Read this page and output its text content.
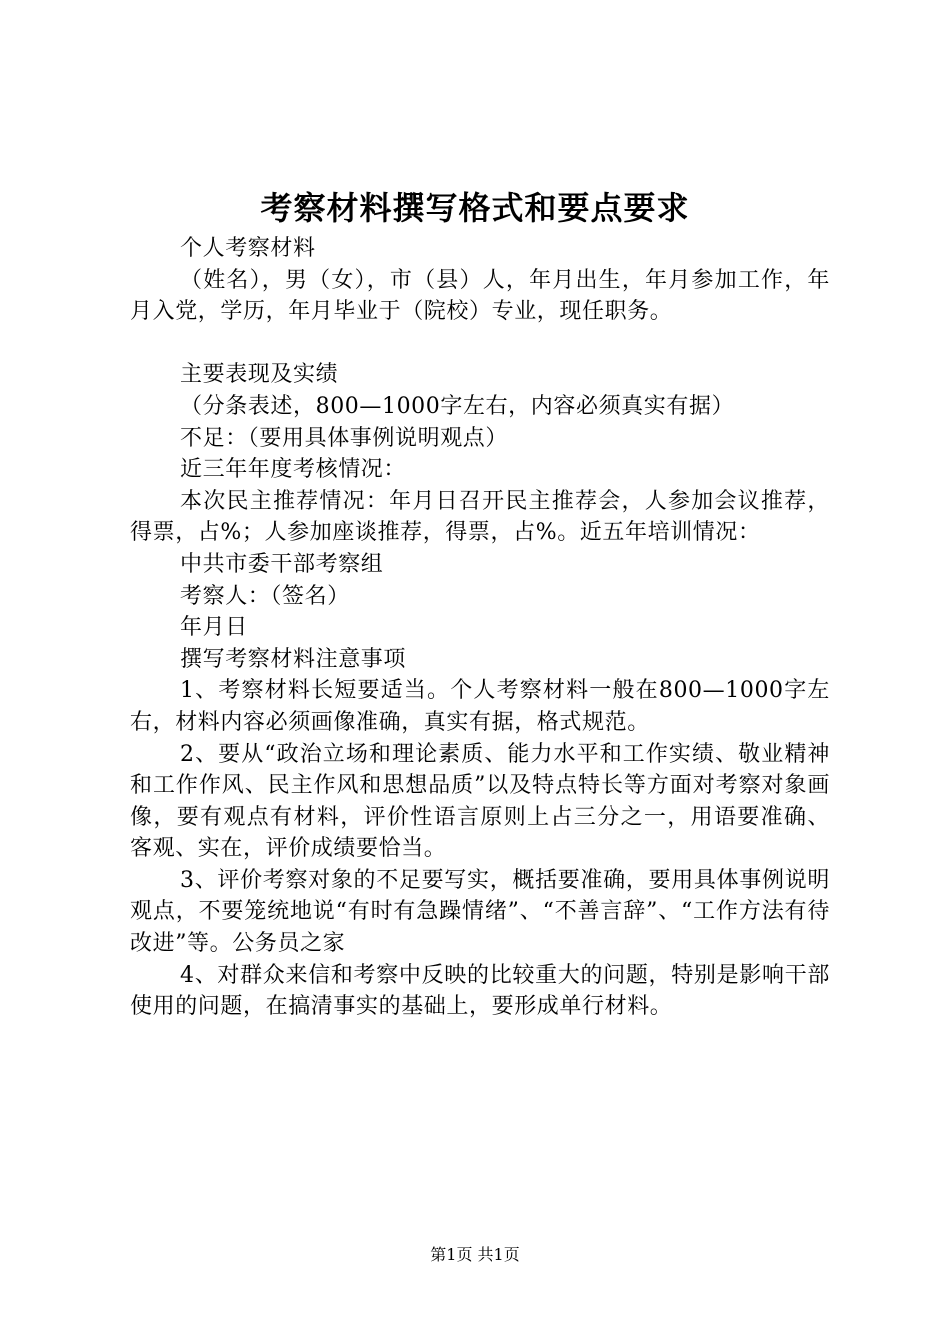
考察材料撰写格式和要点要求

个人考察材料

（姓名），男（女），市（县）人，年月出生，年月参加工作，年月入党，学历，年月毕业于（院校）专业，现任职务。

主要表现及实绩

（分条表述，800—1000字左右，内容必须真实有据）

不足：（要用具体事例说明观点）

近三年年度考核情况：

本次民主推荐情况：年月日召开民主推荐会，人参加会议推荐，得票，占%；人参加座谈推荐，得票，占%。近五年培训情况：

中共市委干部考察组

考察人：（签名）

年月日

撰写考察材料注意事项

1、考察材料长短要适当。个人考察材料一般在800—1000字左右，材料内容必须画像准确，真实有据，格式规范。

2、要从“政治立场和理论素质、能力水平和工作实绩、敬业精神和工作作风、民主作风和思想品质”以及特点特长等方面对考察对象画像，要有观点有材料，评价性语言原则上占三分之一，用语要准确、客观、实在，评价成绩要恰当。

3、评价考察对象的不足要写实，概括要准确，要用具体事例说明观点，不要笼统地说“有时有急躁情绪”、“不善言辞”、“工作方法有待改进”等。公务员之家

4、对群众来信和考察中反映的比较重大的问题，特别是影响干部使用的问题，在搞清事实的基础上，要形成单行材料。

第1页 共1页
